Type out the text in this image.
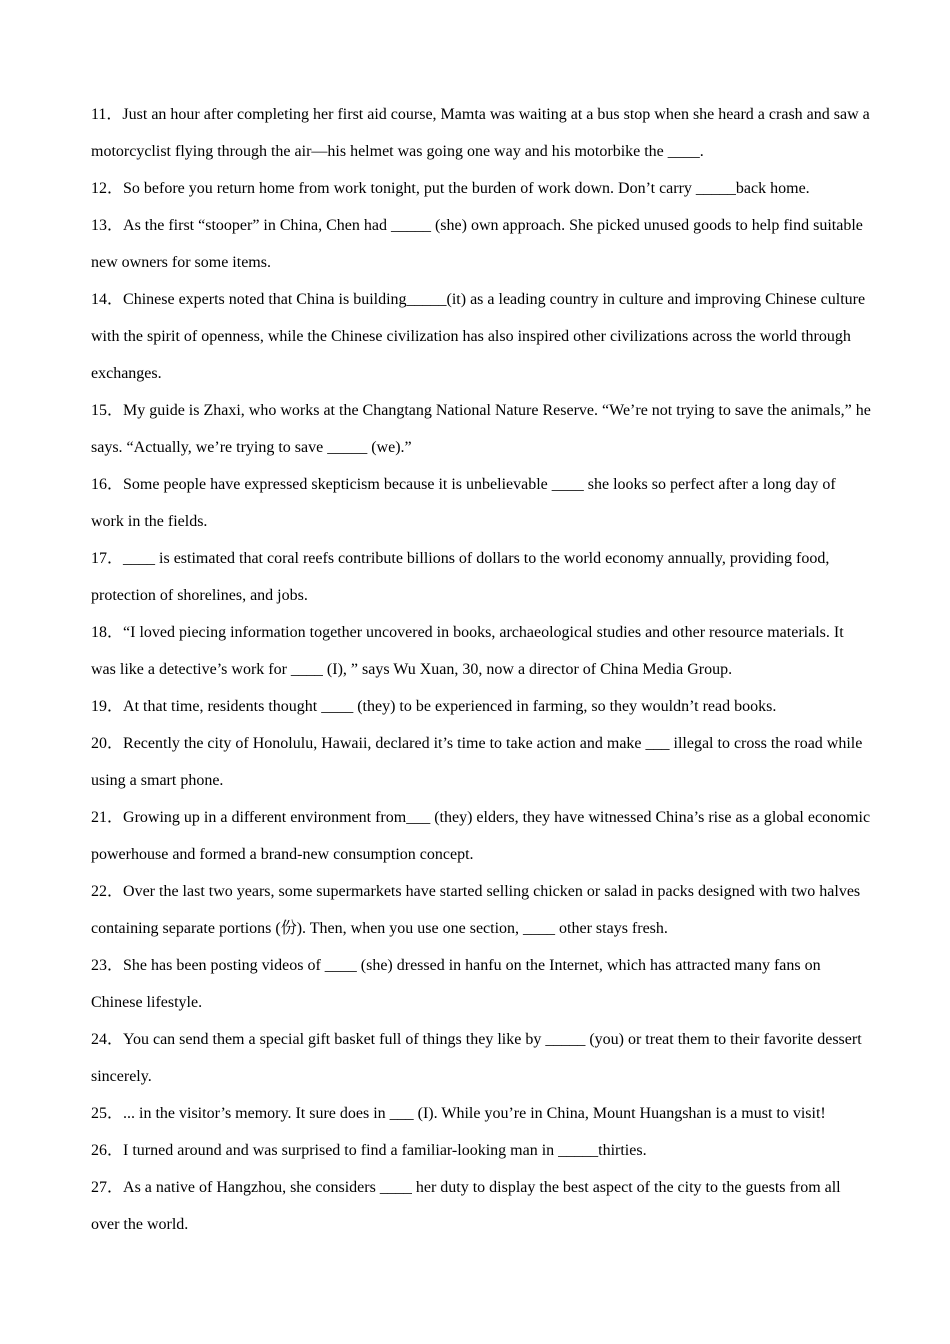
11．Just an hour after completing her first aid course, Mamta was waiting at a bus stop when she heard a crash and saw a motorcyclist flying through the air—his helmet was going one way and his motorbike the ____.

12．So before you return home from work tonight, put the burden of work down. Don’t carry _____back home.

13．As the first “stooper” in China, Chen had _____ (she) own approach. She picked unused goods to help find suitable new owners for some items.

14．Chinese experts noted that China is building_____(it) as a leading country in culture and improving Chinese culture with the spirit of openness, while the Chinese civilization has also inspired other civilizations across the world through exchanges.

15．My guide is Zhaxi, who works at the Changtang National Nature Reserve. “We’re not trying to save the animals,” he says. “Actually, we’re trying to save _____ (we).”

16．Some people have expressed skepticism because it is unbelievable ____ she looks so perfect after a long day of work in the fields.

17．____ is estimated that coral reefs contribute billions of dollars to the world economy annually, providing food, protection of shorelines, and jobs.

18．“I loved piecing information together uncovered in books, archaeological studies and other resource materials. It was like a detective’s work for ____ (I), ” says Wu Xuan, 30, now a director of China Media Group.

19．At that time, residents thought ____ (they) to be experienced in farming, so they wouldn’t read books.

20．Recently the city of Honolulu, Hawaii, declared it’s time to take action and make ___ illegal to cross the road while using a smart phone.

21．Growing up in a different environment from___ (they) elders, they have witnessed China’s rise as a global economic powerhouse and formed a brand-new consumption concept.

22．Over the last two years, some supermarkets have started selling chicken or salad in packs designed with two halves containing separate portions (份). Then, when you use one section, ____ other stays fresh.

23．She has been posting videos of ____ (she) dressed in hanfu on the Internet, which has attracted many fans on Chinese lifestyle.

24．You can send them a special gift basket full of things they like by _____ (you) or treat them to their favorite dessert sincerely.

25．... in the visitor’s memory. It sure does in ___ (I). While you’re in China, Mount Huangshan is a must to visit!

26．I turned around and was surprised to find a familiar-looking man in _____thirties.

27．As a native of Hangzhou, she considers ____ her duty to display the best aspect of the city to the guests from all over the world.
